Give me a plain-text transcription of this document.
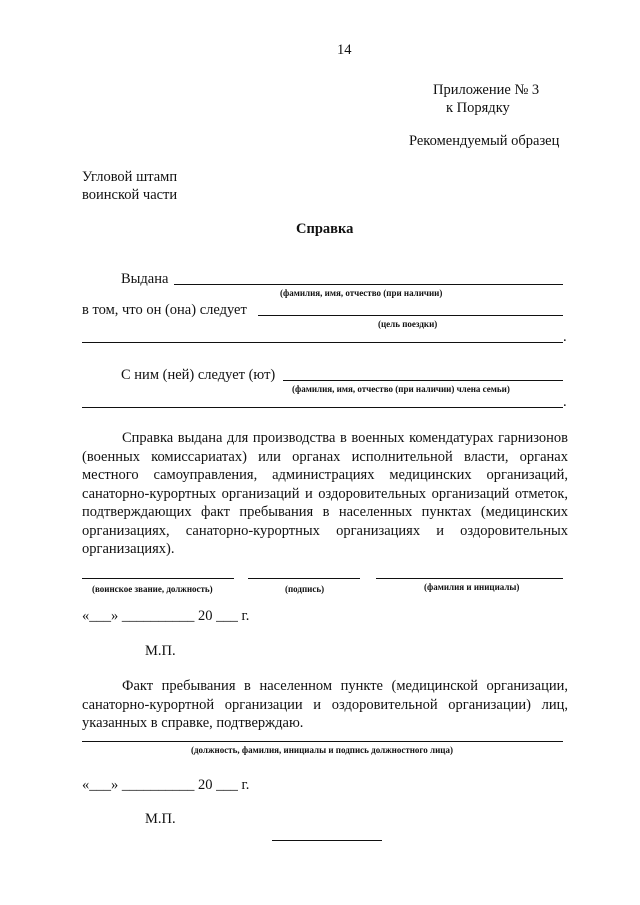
14
Приложение № 3
к Порядку
Рекомендуемый образец
Угловой штамп
воинской части
Справка
Выдана
(фамилия, имя, отчество (при наличии)
в том, что он (она) следует
(цель поездки)
.
С ним (ней) следует (ют)
(фамилия, имя, отчество (при наличии) члена семьи)
.
Справка выдана для производства в военных комендатурах гарнизонов (военных комиссариатах) или органах исполнительной власти, органах местного самоуправления, администрациях медицинских организаций, санаторно-курортных организаций и оздоровительных организаций отметок, подтверждающих факт пребывания в населенных пунктах (медицинских организациях, санаторно-курортных организациях и оздоровительных организациях).
(воинское звание, должность)	(подпись)	(фамилия и инициалы)
«___» __________ 20 ___ г.
М.П.
Факт пребывания в населенном пункте (медицинской организации, санаторно-курортной организации и оздоровительной организации) лиц, указанных в справке, подтверждаю.
(должность, фамилия, инициалы и подпись должностного лица)
«___» __________ 20 ___ г.
М.П.
